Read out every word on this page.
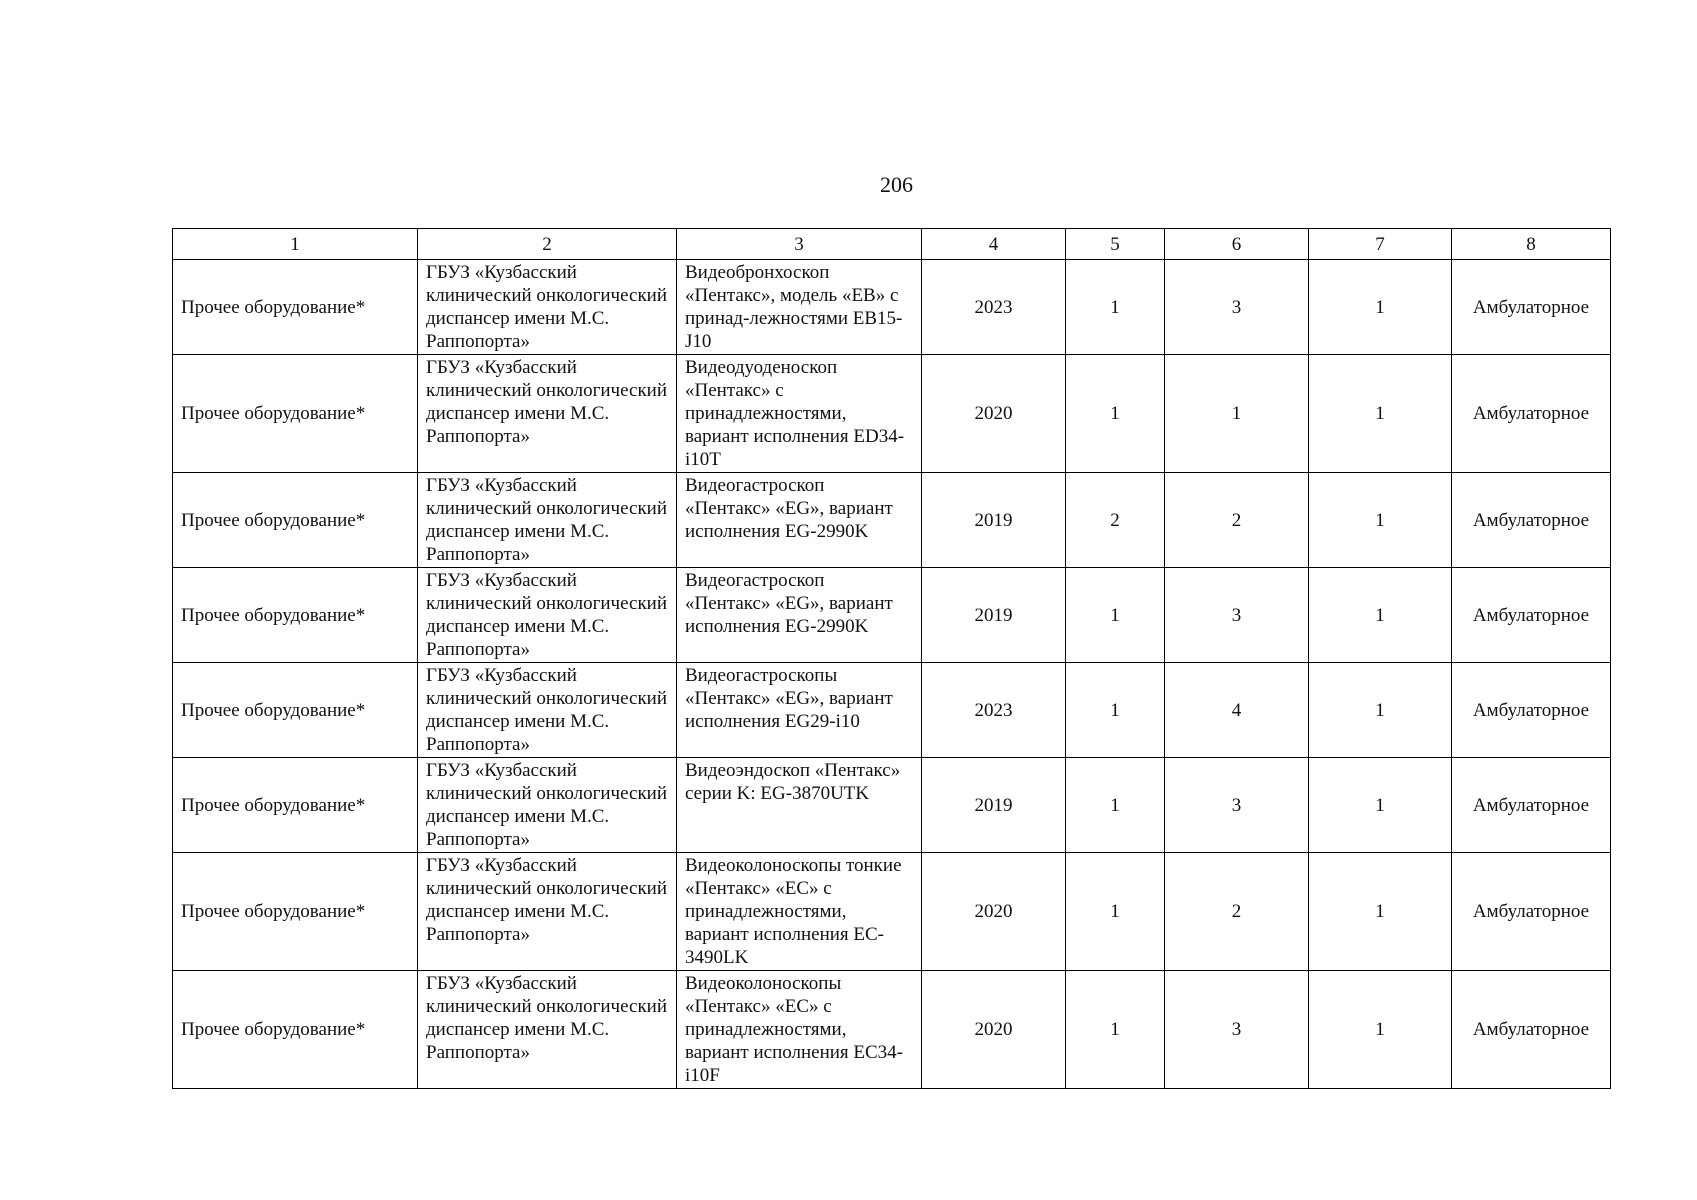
206
1	2	3	4	5	6	7	8
Прочее оборудование*	ГБУЗ «Кузбасский клинический онкологический диспансер имени М.С. Раппопорта»	Видеобронхоскоп «Пентакс», модель «ЕВ» с принад-лежностями EB15-J10	2023	1	3	1	Амбулаторное
Прочее оборудование*	ГБУЗ «Кузбасский клинический онкологический диспансер имени М.С. Раппопорта»	Видеодуоденоскоп «Пентакс» с принадлежностями, вариант исполнения ED34-i10T	2020	1	1	1	Амбулаторное
Прочее оборудование*	ГБУЗ «Кузбасский клинический онкологический диспансер имени М.С. Раппопорта»	Видеогастроскоп «Пентакс» «EG», вариант исполнения EG-2990K	2019	2	2	1	Амбулаторное
Прочее оборудование*	ГБУЗ «Кузбасский клинический онкологический диспансер имени М.С. Раппопорта»	Видеогастроскоп «Пентакс» «EG», вариант исполнения EG-2990K	2019	1	3	1	Амбулаторное
Прочее оборудование*	ГБУЗ «Кузбасский клинический онкологический диспансер имени М.С. Раппопорта»	Видеогастроскопы «Пентакс» «EG», вариант исполнения EG29-i10	2023	1	4	1	Амбулаторное
Прочее оборудование*	ГБУЗ «Кузбасский клинический онкологический диспансер имени М.С. Раппопорта»	Видеоэндоскоп «Пентакс» серии K: EG-3870UTK	2019	1	3	1	Амбулаторное
Прочее оборудование*	ГБУЗ «Кузбасский клинический онкологический диспансер имени М.С. Раппопорта»	Видеоколоноскопы тонкие «Пентакс» «EC» с принадлежностями, вариант исполнения EC-3490LK	2020	1	2	1	Амбулаторное
Прочее оборудование*	ГБУЗ «Кузбасский клинический онкологический диспансер имени М.С. Раппопорта»	Видеоколоноскопы «Пентакс» «EC» с принадлежностями, вариант исполнения EC34-i10F	2020	1	3	1	Амбулаторное
